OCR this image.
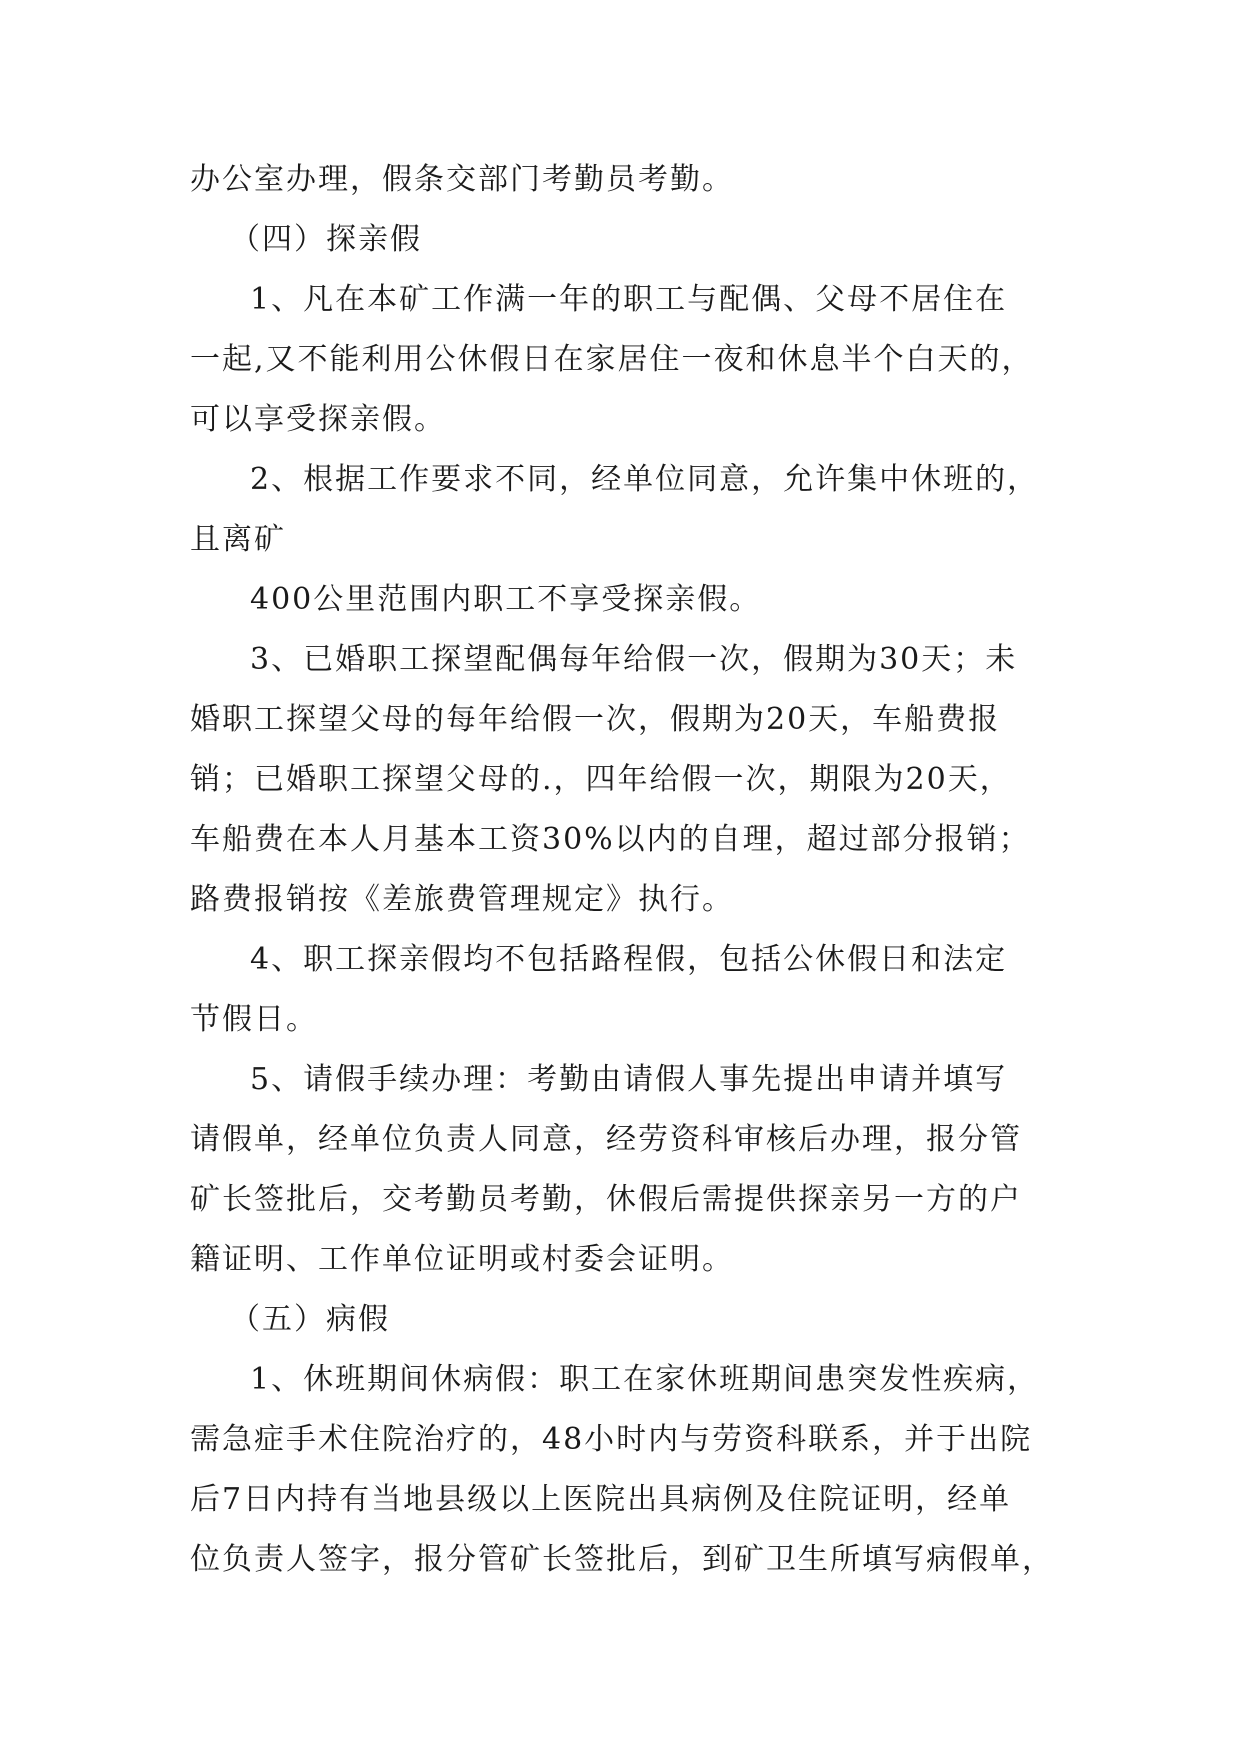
办公室办理，假条交部门考勤员考勤。
（四）探亲假
1、凡在本矿工作满一年的职工与配偶、父母不居住在
一起,又不能利用公休假日在家居住一夜和休息半个白天的，
可以享受探亲假。
2、根据工作要求不同，经单位同意，允许集中休班的，
且离矿
400公里范围内职工不享受探亲假。
3、已婚职工探望配偶每年给假一次，假期为30天；未
婚职工探望父母的每年给假一次，假期为20天，车船费报
销；已婚职工探望父母的.，四年给假一次，期限为20天，
车船费在本人月基本工资30%以内的自理，超过部分报销；
路费报销按《差旅费管理规定》执行。
4、职工探亲假均不包括路程假，包括公休假日和法定
节假日。
5、请假手续办理：考勤由请假人事先提出申请并填写
请假单，经单位负责人同意，经劳资科审核后办理，报分管
矿长签批后，交考勤员考勤，休假后需提供探亲另一方的户
籍证明、工作单位证明或村委会证明。
（五）病假
1、休班期间休病假：职工在家休班期间患突发性疾病，
需急症手术住院治疗的，48小时内与劳资科联系，并于出院
后7日内持有当地县级以上医院出具病例及住院证明，经单
位负责人签字，报分管矿长签批后，到矿卫生所填写病假单，
